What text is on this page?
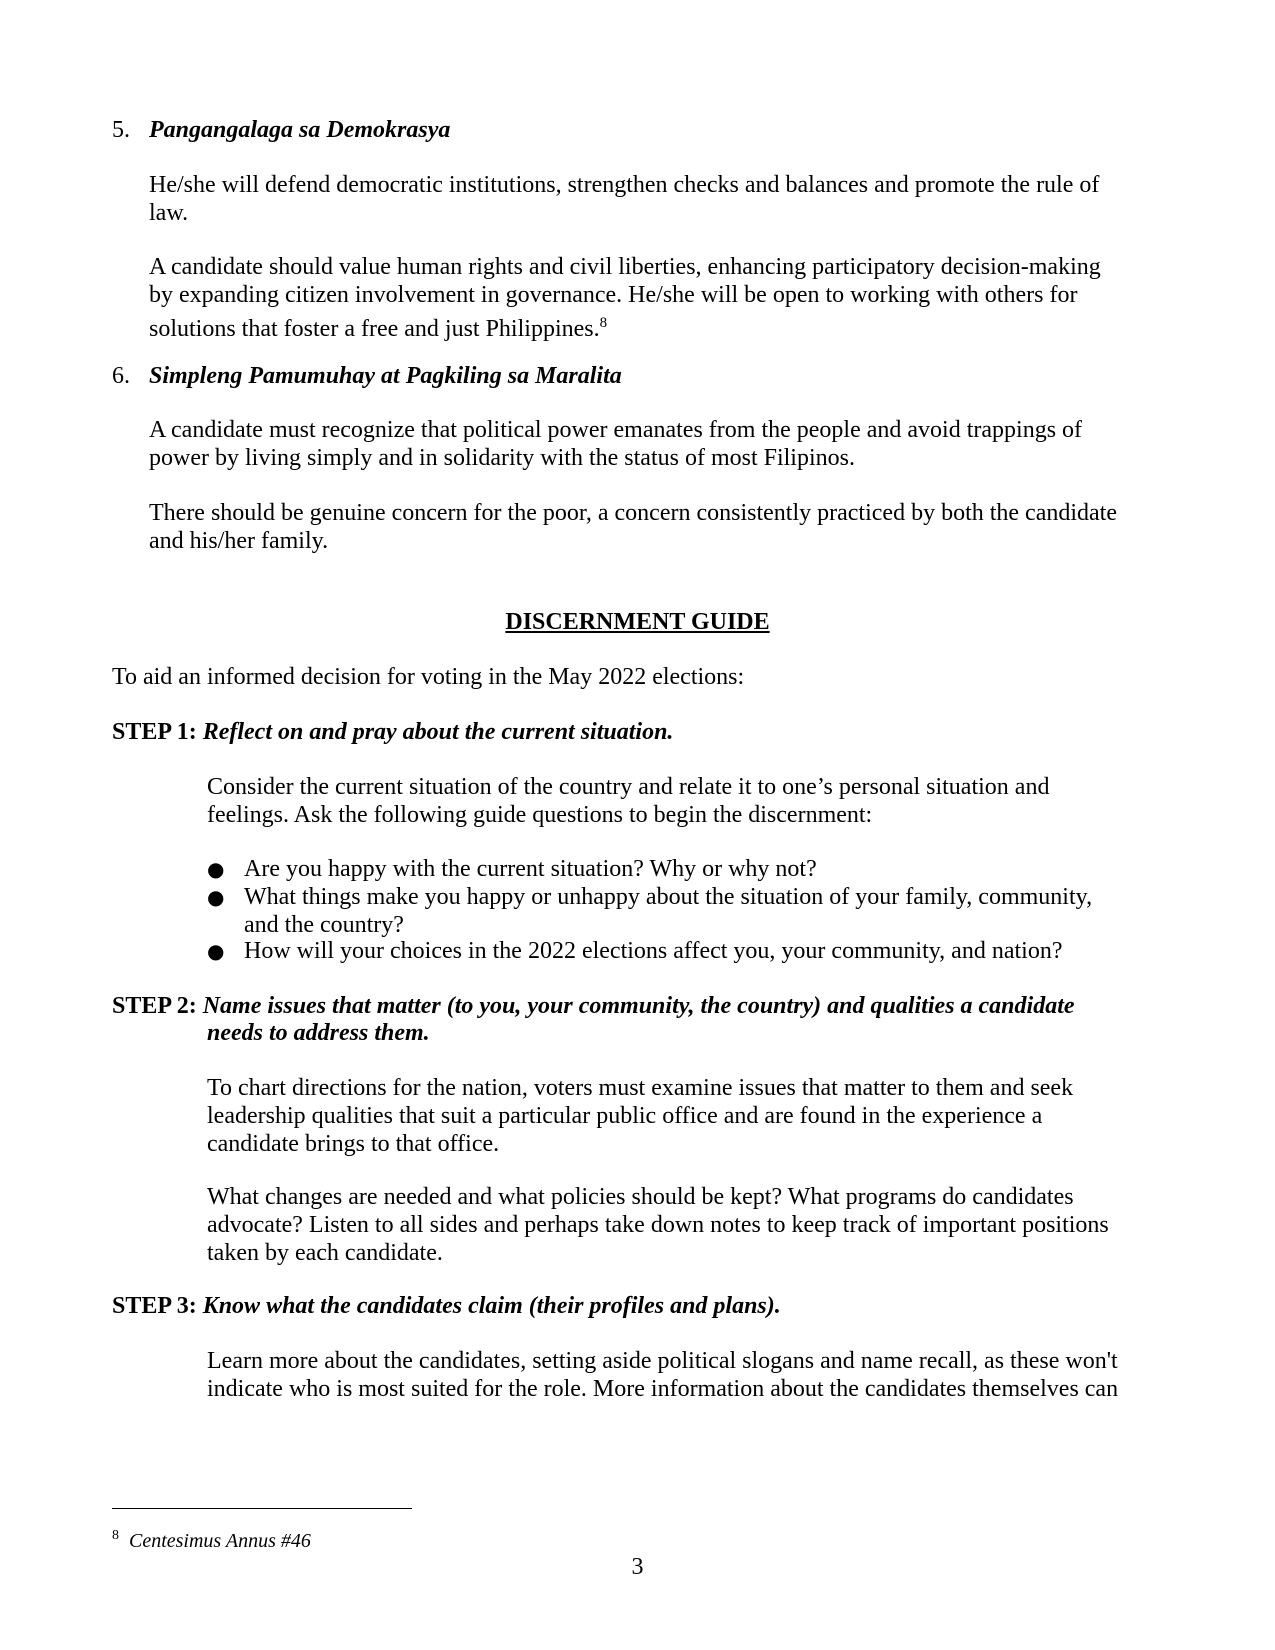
5. Pangangalaga sa Demokrasya
He/she will defend democratic institutions, strengthen checks and balances and promote the rule of
law.
A candidate should value human rights and civil liberties, enhancing participatory decision-making
by expanding citizen involvement in governance. He/she will be open to working with others for
solutions that foster a free and just Philippines.$^8$
6. Simpleng Pamumuhay at Pagkiling sa Maralita
A candidate must recognize that political power emanates from the people and avoid trappings of
power by living simply and in solidarity with the status of most Filipinos.
There should be genuine concern for the poor, a concern consistently practiced by both the candidate
and his/her family.
DISCERNMENT GUIDE
To aid an informed decision for voting in the May 2022 elections:
STEP 1: Reflect on and pray about the current situation.
Consider the current situation of the country and relate it to one’s personal situation and
feelings. Ask the following guide questions to begin the discernment:
● Are you happy with the current situation? Why or why not?
● What things make you happy or unhappy about the situation of your family, community,
and the country?
● How will your choices in the 2022 elections affect you, your community, and nation?
STEP 2: Name issues that matter (to you, your community, the country) and qualities a candidate
needs to address them.
To chart directions for the nation, voters must examine issues that matter to them and seek
leadership qualities that suit a particular public office and are found in the experience a
candidate brings to that office.
What changes are needed and what policies should be kept? What programs do candidates
advocate? Listen to all sides and perhaps take down notes to keep track of important positions
taken by each candidate.
STEP 3: Know what the candidates claim (their profiles and plans).
Learn more about the candidates, setting aside political slogans and name recall, as these won't
indicate who is most suited for the role. More information about the candidates themselves can
$^8$ Centesimus Annus #46
3
